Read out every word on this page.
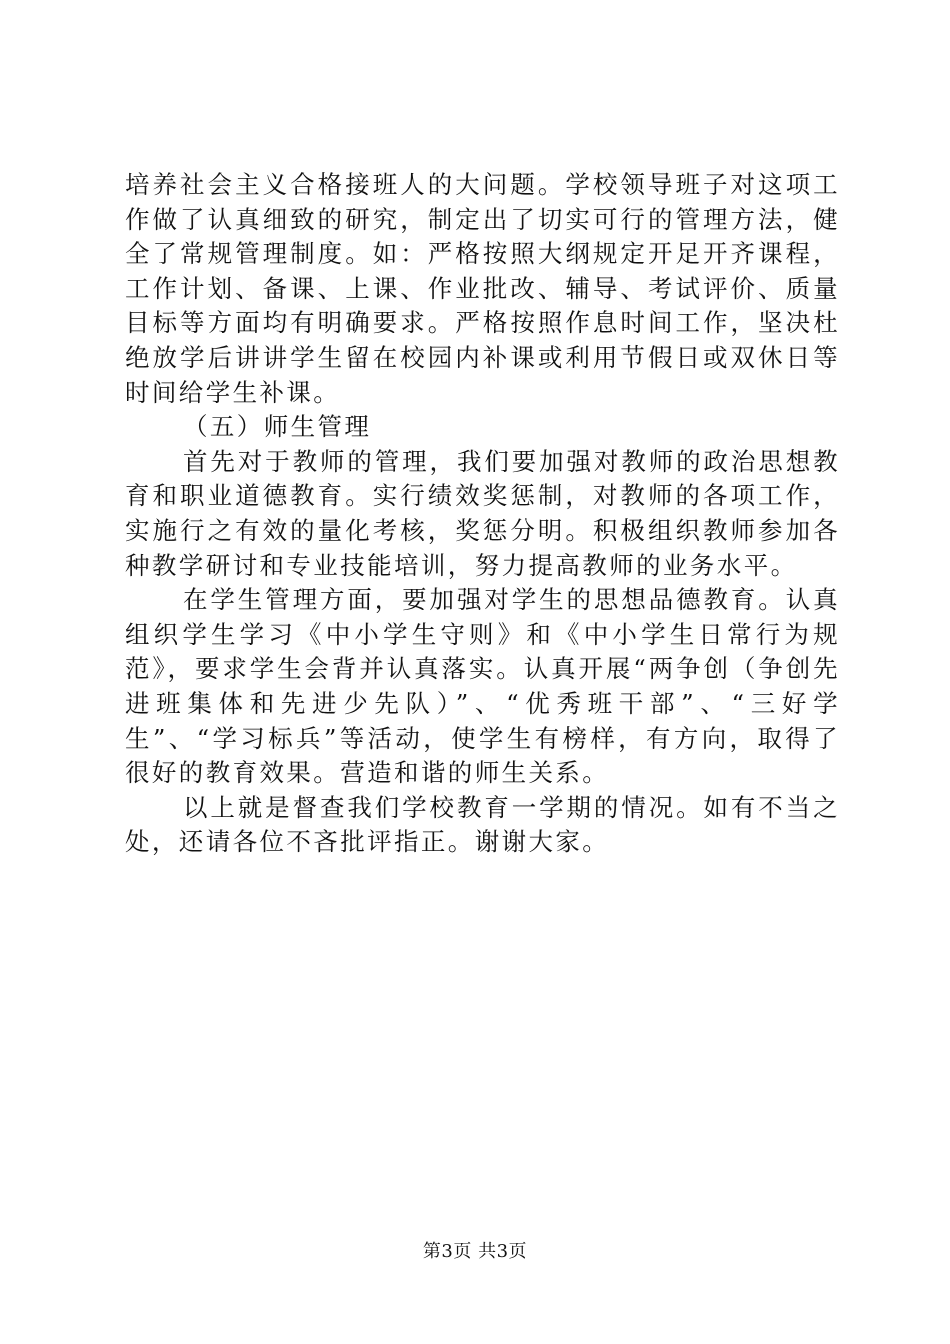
培养社会主义合格接班人的大问题。学校领导班子对这项工作做了认真细致的研究，制定出了切实可行的管理方法，健全了常规管理制度。如：严格按照大纲规定开足开齐课程，工作计划、备课、上课、作业批改、辅导、考试评价、质量目标等方面均有明确要求。严格按照作息时间工作，坚决杜绝放学后讲讲学生留在校园内补课或利用节假日或双休日等时间给学生补课。

（五）师生管理

首先对于教师的管理，我们要加强对教师的政治思想教育和职业道德教育。实行绩效奖惩制，对教师的各项工作，实施行之有效的量化考核，奖惩分明。积极组织教师参加各种教学研讨和专业技能培训，努力提高教师的业务水平。

在学生管理方面，要加强对学生的思想品德教育。认真组织学生学习《中小学生守则》和《中小学生日常行为规范》，要求学生会背并认真落实。认真开展“两争创（争创先进班集体和先进少先队）”、“优秀班干部”、“三好学生”、“学习标兵”等活动，使学生有榜样，有方向，取得了很好的教育效果。营造和谐的师生关系。

以上就是督查我们学校教育一学期的情况。如有不当之处，还请各位不吝批评指正。谢谢大家。

第3页 共3页
